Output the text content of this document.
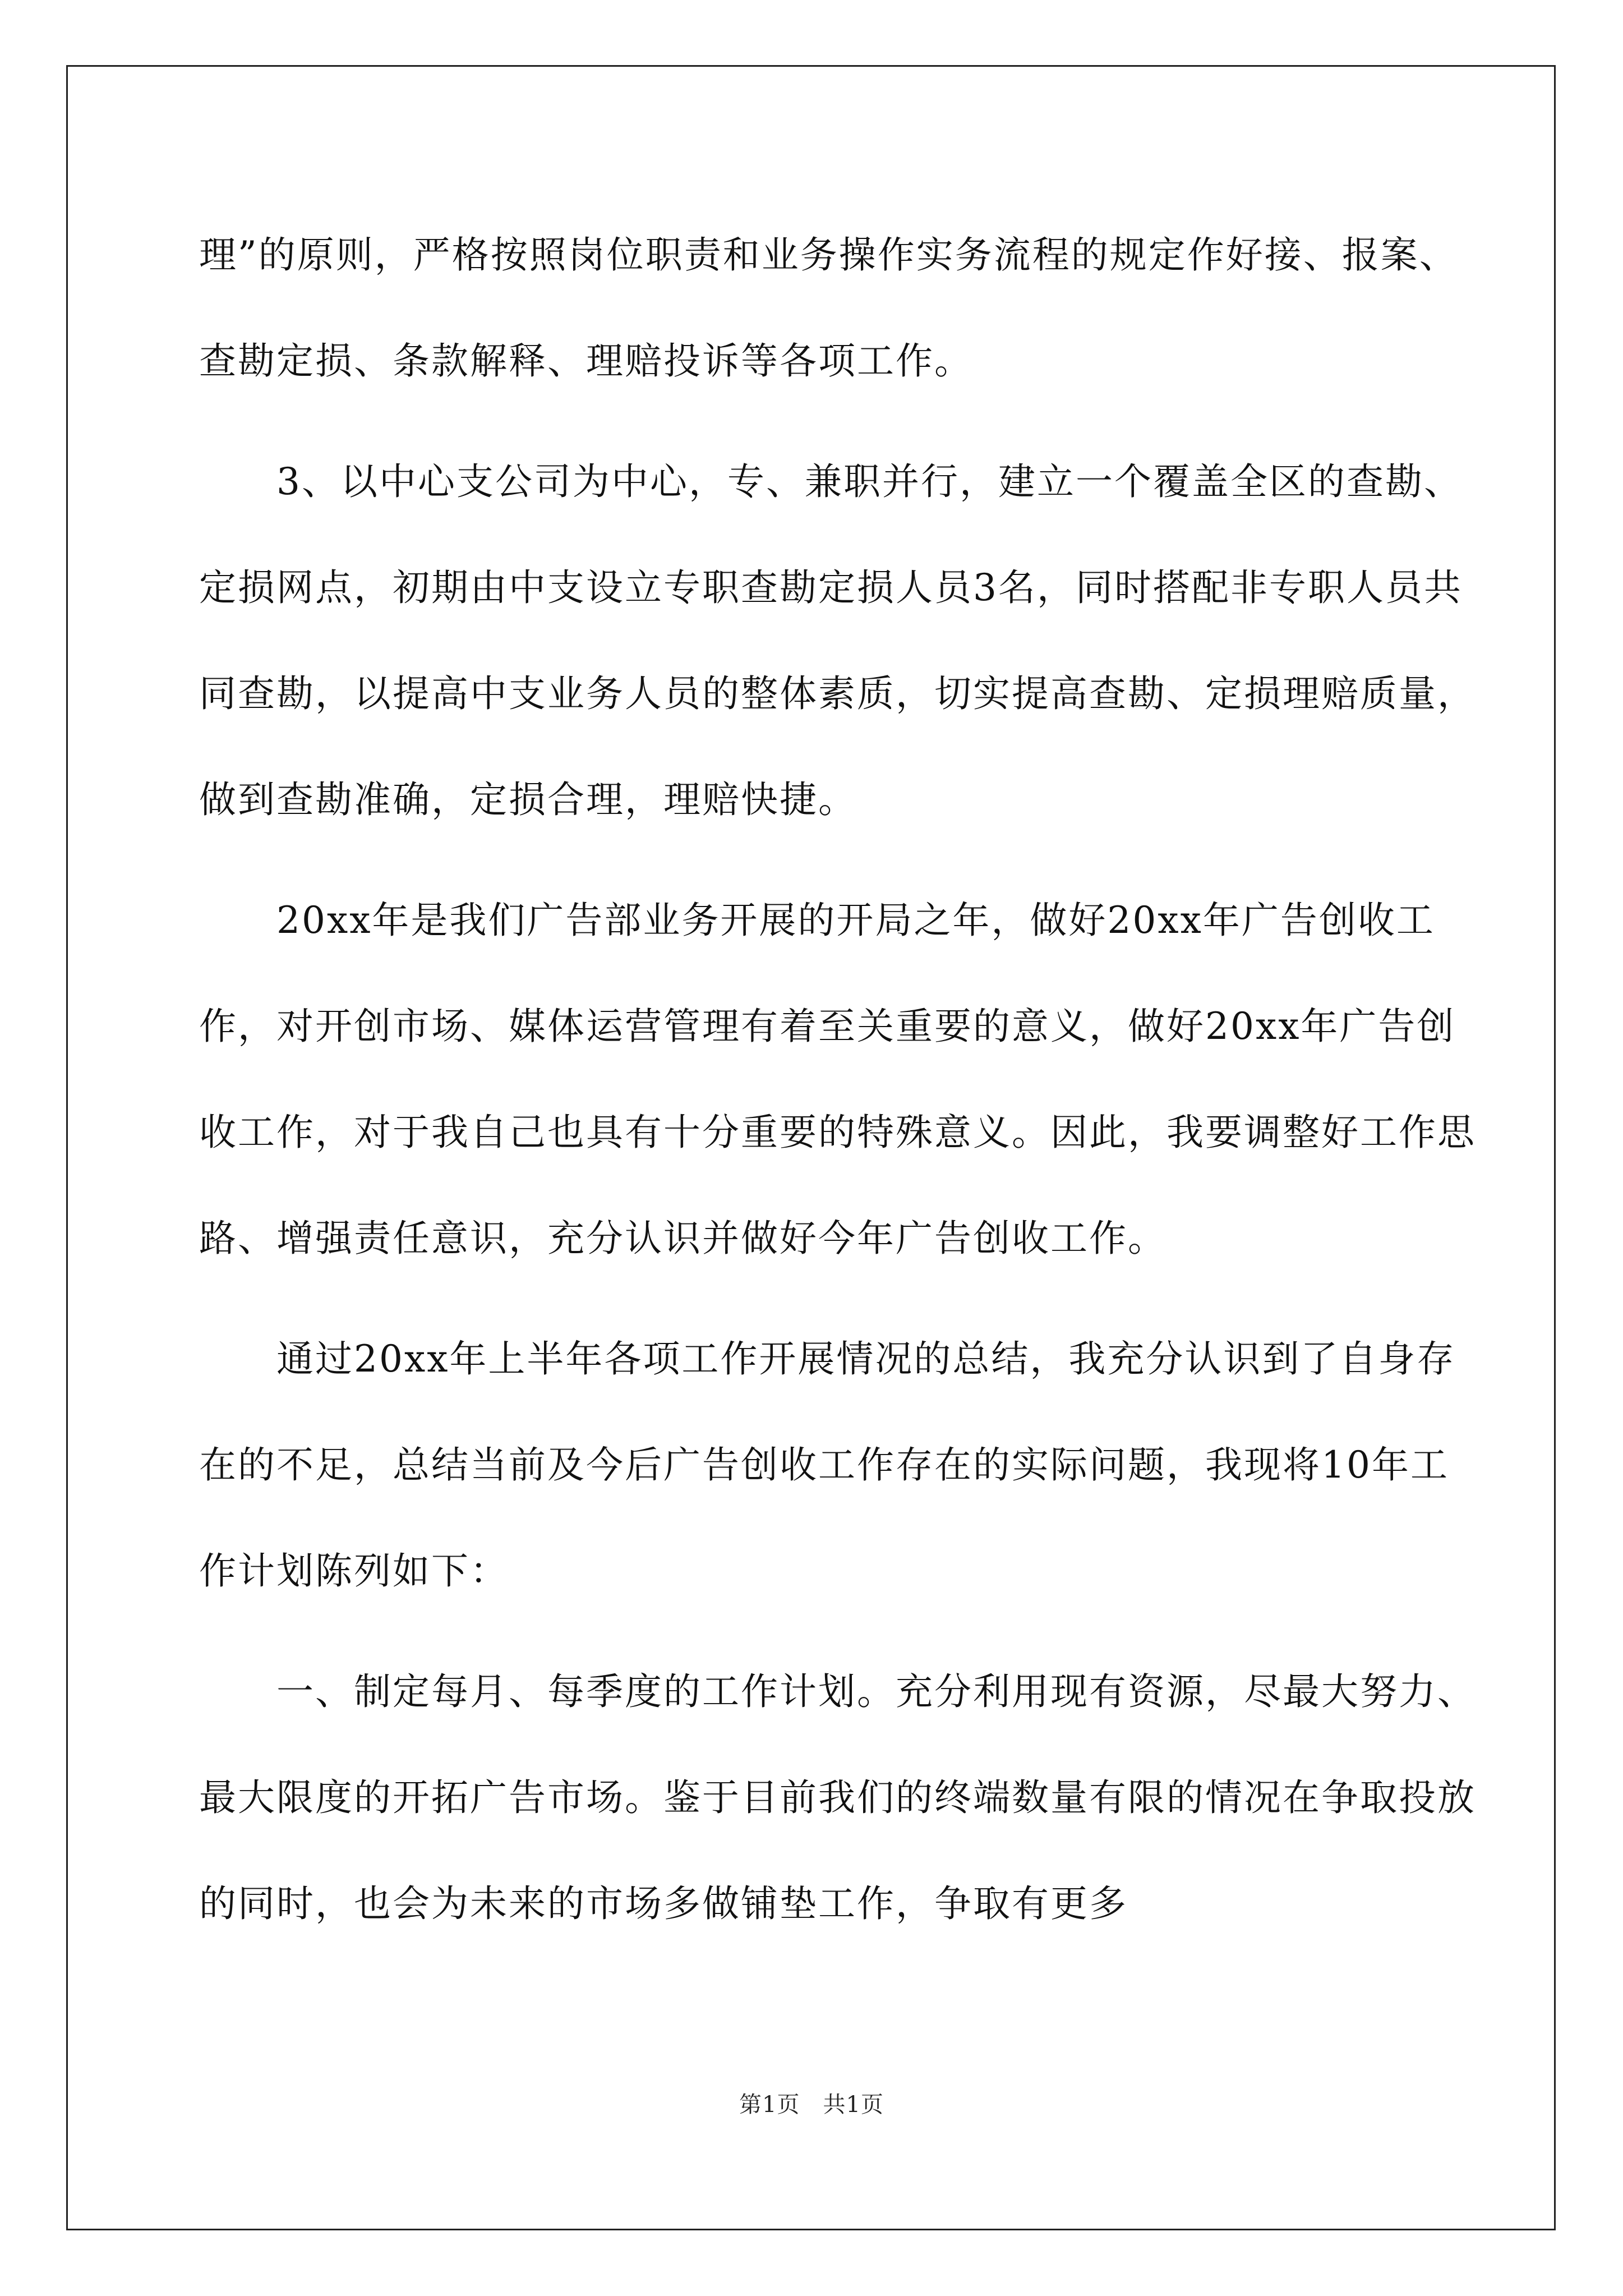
理”的原则，严格按照岗位职责和业务操作实务流程的规定作好接、报案、查勘定损、条款解释、理赔投诉等各项工作。

3、以中心支公司为中心，专、兼职并行，建立一个覆盖全区的查勘、定损网点，初期由中支设立专职查勘定损人员3名，同时搭配非专职人员共同查勘，以提高中支业务人员的整体素质，切实提高查勘、定损理赔质量，做到查勘准确，定损合理，理赔快捷。

20xx年是我们广告部业务开展的开局之年，做好20xx年广告创收工作，对开创市场、媒体运营管理有着至关重要的意义，做好20xx年广告创收工作，对于我自己也具有十分重要的特殊意义。因此，我要调整好工作思路、增强责任意识，充分认识并做好今年广告创收工作。

通过20xx年上半年各项工作开展情况的总结，我充分认识到了自身存在的不足，总结当前及今后广告创收工作存在的实际问题，我现将10年工作计划陈列如下：

一、制定每月、每季度的工作计划。充分利用现有资源，尽最大努力、最大限度的开拓广告市场。鉴于目前我们的终端数量有限的情况在争取投放的同时，也会为未来的市场多做铺垫工作，争取有更多

第1页　共1页
